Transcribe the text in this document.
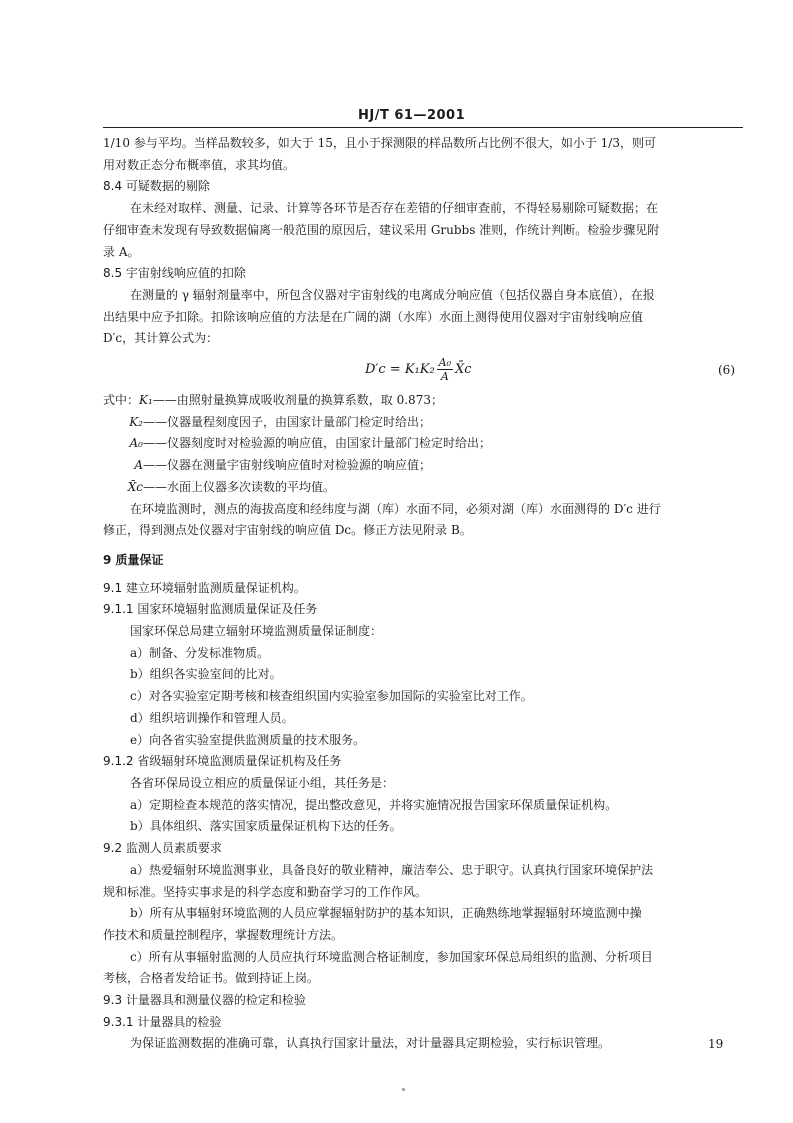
HJ/T 61—2001

1/10 参与平均。当样品数较多，如大于 15，且小于探测限的样品数所占比例不很大，如小于 1/3，则可

用对数正态分布概率值，求其均值。

8.4 可疑数据的剔除

在未经对取样、测量、记录、计算等各环节是否存在差错的仔细审查前，不得轻易剔除可疑数据；在

仔细审查未发现有导致数据偏离一般范围的原因后，建议采用 Grubbs 准则，作统计判断。检验步骤见附

录 A。

8.5 宇宙射线响应值的扣除

在测量的 γ 辐射剂量率中，所包含仪器对宇宙射线的电离成分响应值（包括仪器自身本底值），在报

出结果中应予扣除。扣除该响应值的方法是在广阔的湖（水库）水面上测得使用仪器对宇宙射线响应值

D′c，其计算公式为：

$D'c = K_1K_2 \frac{\text{A₀}}{A}$ X̄c	(6)

式中：K₁——由照射量换算成吸收剂量的换算系数，取 0.873；

K₂——仪器量程刻度因子，由国家计量部门检定时给出；

A₀——仪器刻度时对检验源的响应值，由国家计量部门检定时给出；

A——仪器在测量宇宙射线响应值时对检验源的响应值；

X̄c——水面上仪器多次读数的平均值。

在环境监测时，测点的海拔高度和经纬度与湖（库）水面不同，必须对湖（库）水面测得的 D′c 进行

修正，得到测点处仪器对宇宙射线的响应值 Dc。修正方法见附录 B。

9 质量保证

9.1 建立环境辐射监测质量保证机构。

9.1.1 国家环境辐射监测质量保证及任务

国家环保总局建立辐射环境监测质量保证制度：

a）制备、分发标准物质。

b）组织各实验室间的比对。

c）对各实验室定期考核和核查组织国内实验室参加国际的实验室比对工作。

d）组织培训操作和管理人员。

e）向各省实验室提供监测质量的技术服务。

9.1.2 省级辐射环境监测质量保证机构及任务

各省环保局设立相应的质量保证小组，其任务是：

a）定期检查本规范的落实情况，提出整改意见，并将实施情况报告国家环保质量保证机构。

b）具体组织、落实国家质量保证机构下达的任务。

9.2 监测人员素质要求

a）热爱辐射环境监测事业，具备良好的敬业精神，廉洁奉公、忠于职守。认真执行国家环境保护法

规和标准。坚持实事求是的科学态度和勤奋学习的工作作风。

b）所有从事辐射环境监测的人员应掌握辐射防护的基本知识，正确熟练地掌握辐射环境监测中操

作技术和质量控制程序，掌握数理统计方法。

c）所有从事辐射监测的人员应执行环境监测合格证制度，参加国家环保总局组织的监测、分析项目

考核，合格者发给证书。做到持证上岗。

9.3 计量器具和测量仪器的检定和检验

9.3.1 计量器具的检验

为保证监测数据的准确可靠，认真执行国家计量法，对计量器具定期检验，实行标识管理。	19
